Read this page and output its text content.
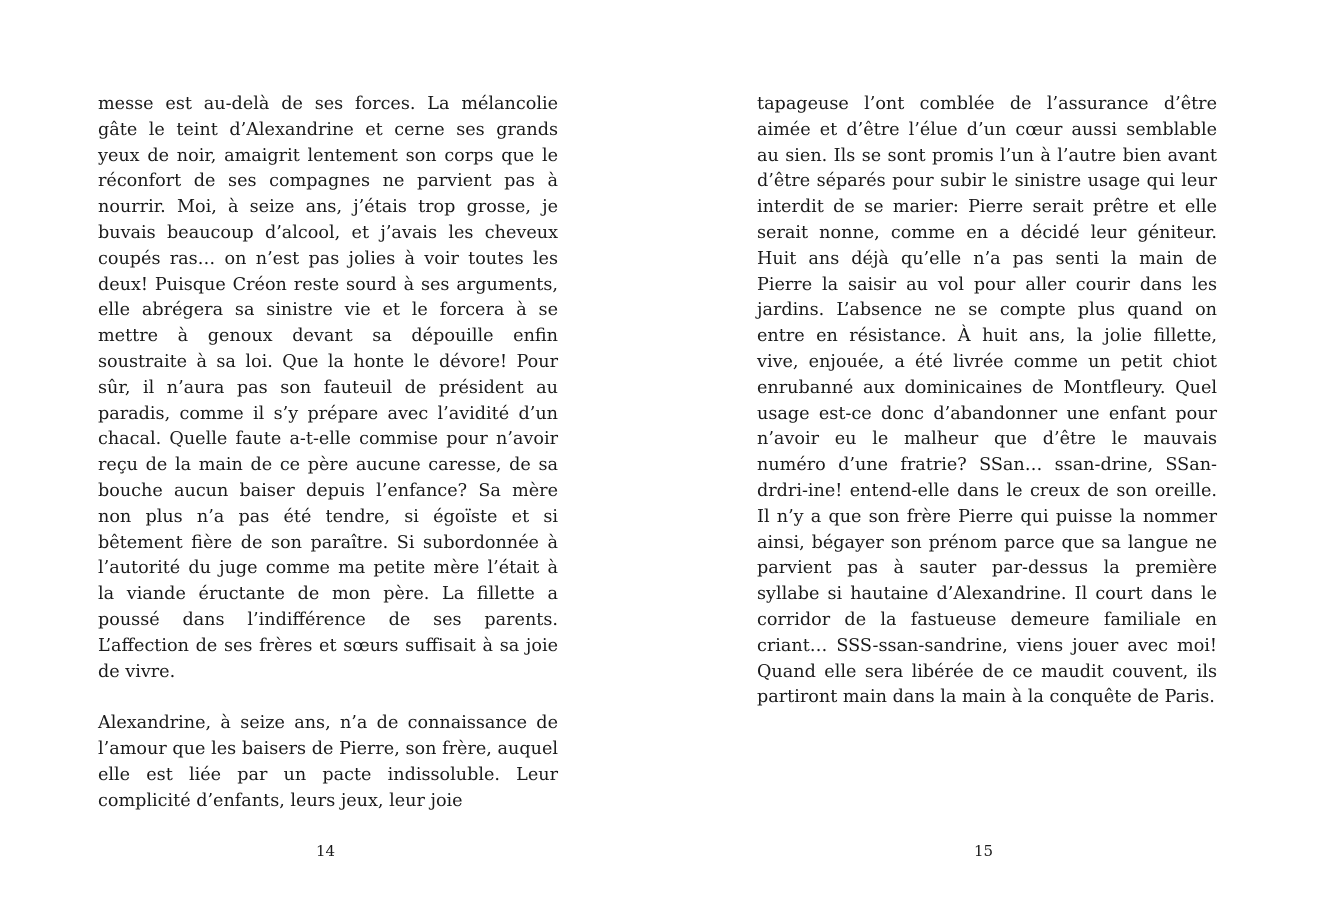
messe est au-delà de ses forces. La mélancolie gâte le teint d’Alexandrine et cerne ses grands yeux de noir, amaigrit lentement son corps que le réconfort de ses compagnes ne parvient pas à nourrir. Moi, à seize ans, j’étais trop grosse, je buvais beaucoup d’alcool, et j’avais les cheveux coupés ras… on n’est pas jolies à voir toutes les deux! Puisque Créon reste sourd à ses arguments, elle abrégera sa sinistre vie et le forcera à se mettre à genoux devant sa dépouille enfin soustraite à sa loi. Que la honte le dévore! Pour sûr, il n’aura pas son fauteuil de président au paradis, comme il s’y prépare avec l’avidité d’un chacal. Quelle faute a-t-elle commise pour n’avoir reçu de la main de ce père aucune caresse, de sa bouche aucun baiser depuis l’enfance? Sa mère non plus n’a pas été tendre, si égoïste et si bêtement fière de son paraître. Si subordonnée à l’autorité du juge comme ma petite mère l’était à la viande éructante de mon père. La fillette a poussé dans l’indifférence de ses parents. L’affection de ses frères et sœurs suffisait à sa joie de vivre.

Alexandrine, à seize ans, n’a de connaissance de l’amour que les baisers de Pierre, son frère, auquel elle est liée par un pacte indissoluble. Leur complicité d’enfants, leurs jeux, leur joie

14

tapageuse l’ont comblée de l’assurance d’être aimée et d’être l’élue d’un cœur aussi semblable au sien. Ils se sont promis l’un à l’autre bien avant d’être séparés pour subir le sinistre usage qui leur interdit de se marier: Pierre serait prêtre et elle serait nonne, comme en a décidé leur géniteur. Huit ans déjà qu’elle n’a pas senti la main de Pierre la saisir au vol pour aller courir dans les jardins. L’absence ne se compte plus quand on entre en résistance. À huit ans, la jolie fillette, vive, enjouée, a été livrée comme un petit chiot enrubanné aux dominicaines de Montfleury. Quel usage est-ce donc d’abandonner une enfant pour n’avoir eu le malheur que d’être le mauvais numéro d’une fratrie? SSan… ssan-drine, SSan-drdri-ine! entend-elle dans le creux de son oreille. Il n’y a que son frère Pierre qui puisse la nommer ainsi, bégayer son prénom parce que sa langue ne parvient pas à sauter par-dessus la première syllabe si hautaine d’Alexandrine. Il court dans le corridor de la fastueuse demeure familiale en criant… SSS-ssan-sandrine, viens jouer avec moi! Quand elle sera libérée de ce maudit couvent, ils partiront main dans la main à la conquête de Paris.

15
